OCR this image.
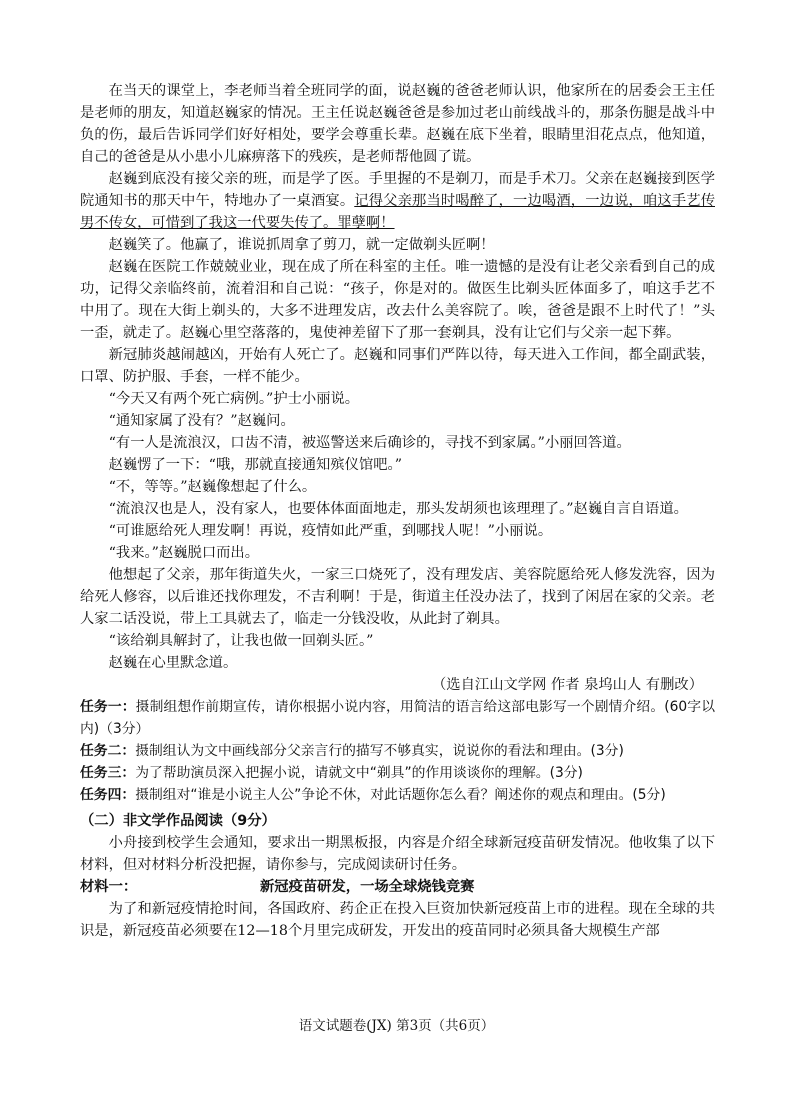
在当天的课堂上，李老师当着全班同学的面，说赵巍的爸爸老师认识，他家所在的居委会王主任是老师的朋友，知道赵巍家的情况。王主任说赵巍爸爸是参加过老山前线战斗的，那条伤腿是战斗中负的伤，最后告诉同学们好好相处，要学会尊重长辈。赵巍在底下坐着，眼睛里泪花点点，他知道，自己的爸爸是从小患小儿麻痹落下的残疾，是老师帮他圆了谎。

赵巍到底没有接父亲的班，而是学了医。手里握的不是剃刀，而是手术刀。父亲在赵巍接到医学院通知书的那天中午，特地办了一桌酒宴。记得父亲那当时喝醉了，一边喝酒，一边说，咱这手艺传男不传女，可惜到了我这一代要失传了。罪孽啊！

赵巍笑了。他赢了，谁说抓周拿了剪刀，就一定做剃头匠啊！

赵巍在医院工作兢兢业业，现在成了所在科室的主任。唯一遗憾的是没有让老父亲看到自己的成功，记得父亲临终前，流着泪和自己说：“孩子，你是对的。做医生比剃头匠体面多了，咱这手艺不中用了。现在大街上剃头的，大多不进理发店，改去什么美容院了。唉，爸爸是跟不上时代了！”头一歪，就走了。赵巍心里空落落的，鬼使神差留下了那一套剃具，没有让它们与父亲一起下葬。

新冠肺炎越闹越凶，开始有人死亡了。赵巍和同事们严阵以待，每天进入工作间，都全副武装，口罩、防护服、手套，一样不能少。

“今天又有两个死亡病例。”护士小丽说。

“通知家属了没有？”赵巍问。

“有一人是流浪汉，口齿不清，被巡警送来后确诊的，寻找不到家属。”小丽回答道。

赵巍愣了一下：“哦，那就直接通知殡仪馆吧。”

“不，等等。”赵巍像想起了什么。

“流浪汉也是人，没有家人，也要体体面面地走，那头发胡须也该理理了。”赵巍自言自语道。

“可谁愿给死人理发啊！再说，疫情如此严重，到哪找人呢！”小丽说。

“我来。”赵巍脱口而出。

他想起了父亲，那年街道失火，一家三口烧死了，没有理发店、美容院愿给死人修发洗容，因为给死人修容，以后谁还找你理发，不吉利啊！于是，街道主任没办法了，找到了闲居在家的父亲。老人家二话没说，带上工具就去了，临走一分钱没收，从此封了剃具。

“该给剃具解封了，让我也做一回剃头匠。”

赵巍在心里默念道。

（选自江山文学网 作者 泉坞山人 有删改）

任务一：摄制组想作前期宣传，请你根据小说内容，用简洁的语言给这部电影写一个剧情介绍。(60字以内)（3分）

任务二：摄制组认为文中画线部分父亲言行的描写不够真实，说说你的看法和理由。(3分)

任务三：为了帮助演员深入把握小说，请就文中“剃具”的作用谈谈你的理解。(3分)

任务四：摄制组对“谁是小说主人公”争论不休，对此话题你怎么看？阐述你的观点和理由。(5分)

（二）非文学作品阅读（9分）

小舟接到校学生会通知，要求出一期黑板报，内容是介绍全球新冠疫苗研发情况。他收集了以下材料，但对材料分析没把握，请你参与，完成阅读研讨任务。

材料一：	新冠疫苗研发，一场全球烧钱竞赛

为了和新冠疫情抢时间，各国政府、药企正在投入巨资加快新冠疫苗上市的进程。现在全球的共识是，新冠疫苗必须要在12—18个月里完成研发，开发出的疫苗同时必须具备大规模生产部

语文试题卷(JX) 第3页（共6页）
